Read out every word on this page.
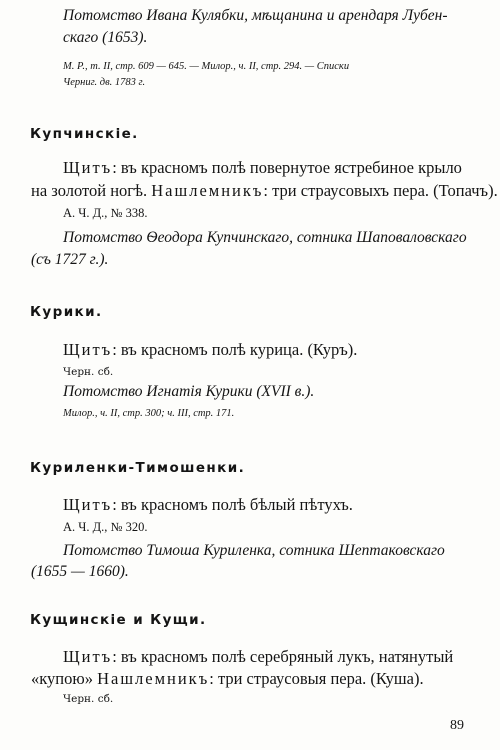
Потомство Ивана Кулябки, мѣщанина и арендаря Лубен-

скаго (1653).

М. Р., т. II, стр. 609 — 645. — Милор., ч. II, стр. 294. — Списки

Черниг. дв. 1783 г.

Купчинскіе.

Щитъ: въ красномъ полѣ повернутое ястребиное крыло

на золотой ногѣ. Нашлемникъ: три страусовыхъ пера. (Топачъ).

А. Ч. Д., № 338.

Потомство Ѳеодора Купчинскаго, сотника Шаповаловскаго

(съ 1727 г.).

Курики.

Щитъ: въ красномъ полѣ курица. (Куръ).

Черн. сб.

Потомство Игнатія Курики (XVII в.).

Милор., ч. II, стр. 300; ч. III, стр. 171.

Куриленки-Тимошенки.

Щитъ: въ красномъ полѣ бѣлый пѣтухъ.

А. Ч. Д., № 320.

Потомство Тимоша Куриленка, сотника Шептаковскаго

(1655 — 1660).

Кущинскіе и Кущи.

Щитъ: въ красномъ полѣ серебряный лукъ, натянутый

«купою» Нашлемникъ: три страусовыя пера. (Куша).

Черн. сб.

89
